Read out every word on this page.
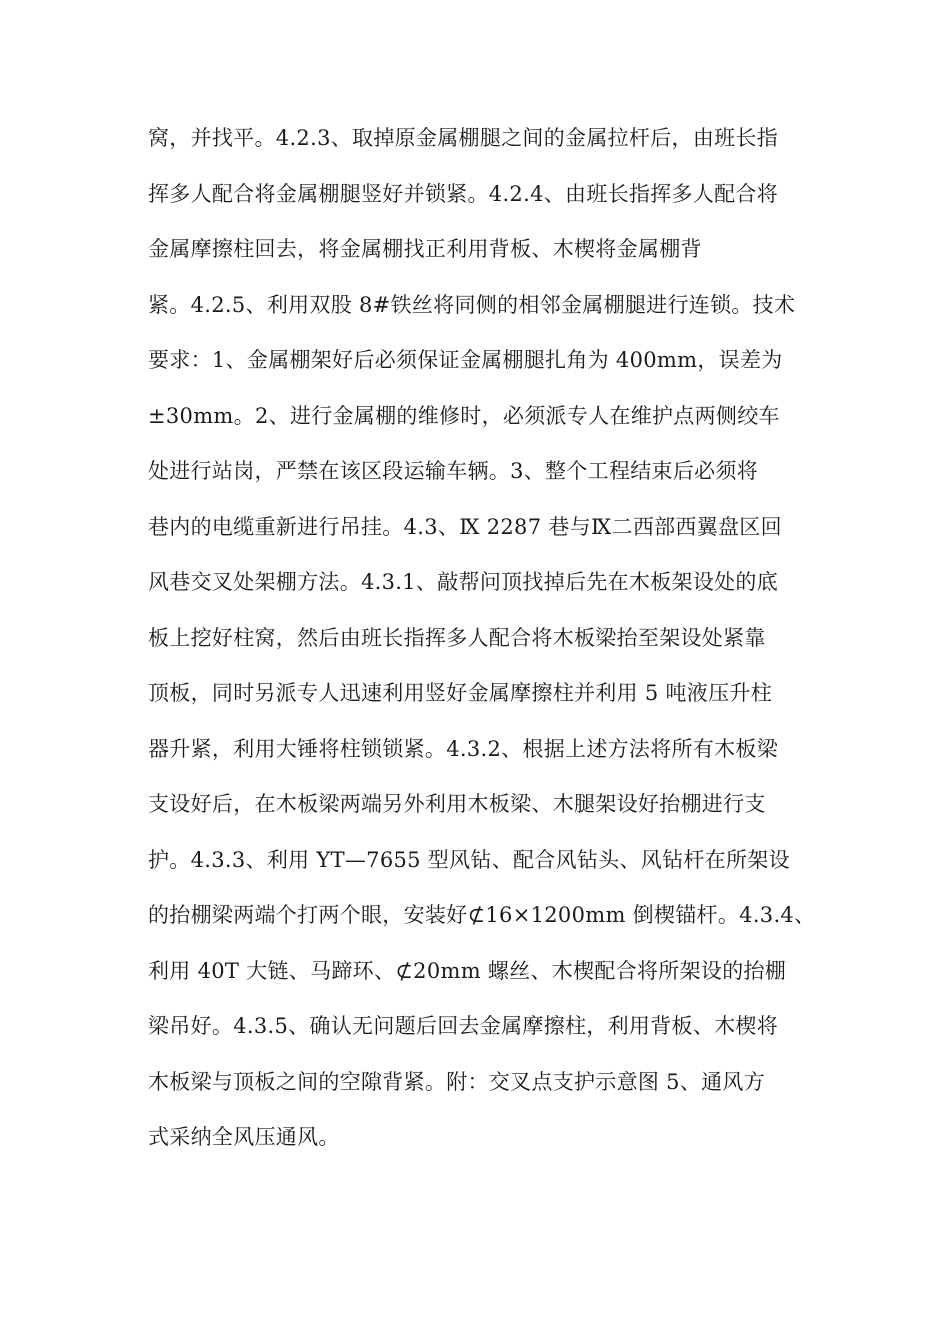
窝，并找平。4.2.3、取掉原金属棚腿之间的金属拉杆后，由班长指
挥多人配合将金属棚腿竖好并锁紧。4.2.4、由班长指挥多人配合将
金属摩擦柱回去，将金属棚找正利用背板、木楔将金属棚背
紧。4.2.5、利用双股 8#铁丝将同侧的相邻金属棚腿进行连锁。技术
要求：1、金属棚架好后必须保证金属棚腿扎角为 400mm，误差为
±30mm。2、进行金属棚的维修时，必须派专人在维护点两侧绞车
处进行站岗，严禁在该区段运输车辆。3、整个工程结束后必须将
巷内的电缆重新进行吊挂。4.3、Ⅸ 2287 巷与Ⅸ二西部西翼盘区回
风巷交叉处架棚方法。4.3.1、敲帮问顶找掉后先在木板架设处的底
板上挖好柱窝，然后由班长指挥多人配合将木板梁抬至架设处紧靠
顶板，同时另派专人迅速利用竖好金属摩擦柱并利用 5 吨液压升柱
器升紧，利用大锤将柱锁锁紧。4.3.2、根据上述方法将所有木板梁
支设好后，在木板梁两端另外利用木板梁、木腿架设好抬棚进行支
护。4.3.3、利用 YT—7655 型风钻、配合风钻头、风钻杆在所架设
的抬棚梁两端个打两个眼，安装好⊄16×1200mm 倒楔锚杆。4.3.4、
利用 40T 大链、马蹄环、⊄20mm 螺丝、木楔配合将所架设的抬棚
梁吊好。4.3.5、确认无问题后回去金属摩擦柱，利用背板、木楔将
木板梁与顶板之间的空隙背紧。附：交叉点支护示意图 5、通风方
式采纳全风压通风。
